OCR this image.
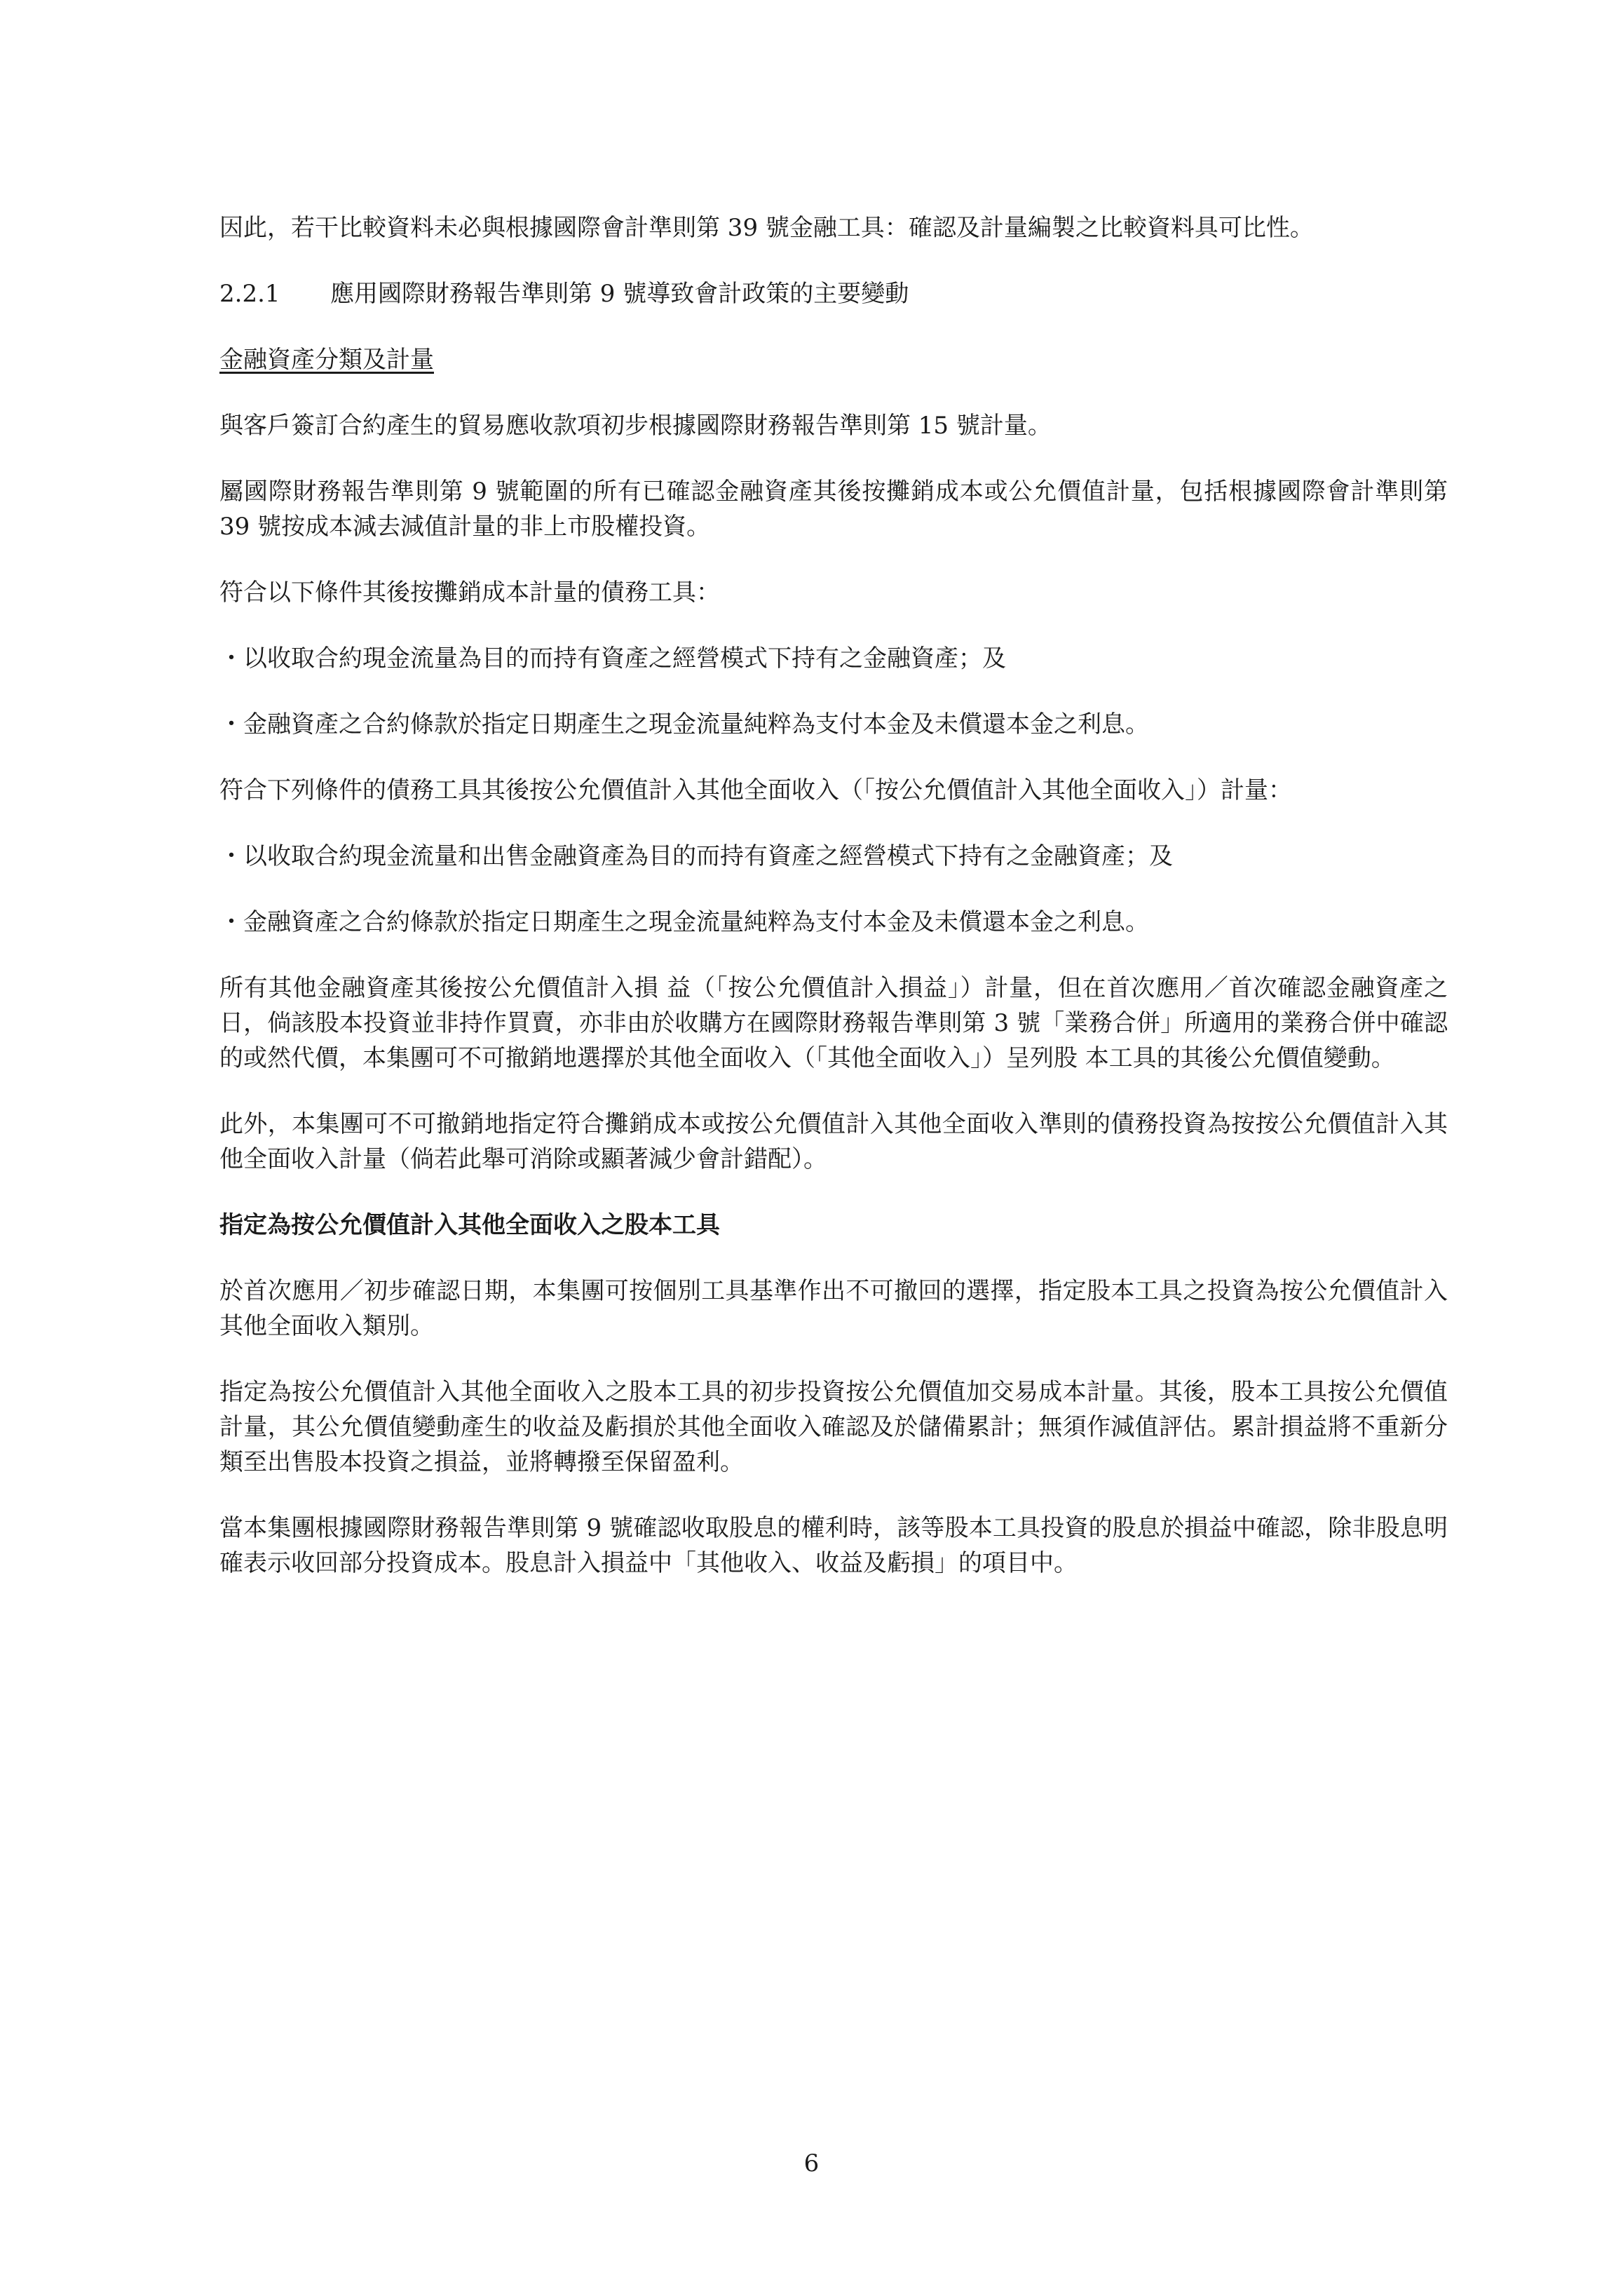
因此，若干比較資料未必與根據國際會計準則第 39 號金融工具：確認及計量編製之比較資料具可比性。

2.2.1 應用國際財務報告準則第 9 號導致會計政策的主要變動

金融資產分類及計量

與客戶簽訂合約產生的貿易應收款項初步根據國際財務報告準則第 15 號計量。

屬國際財務報告準則第 9 號範圍的所有已確認金融資產其後按攤銷成本或公允價值計量，包括根據國際會計準則第 39 號按成本減去減值計量的非上市股權投資。

符合以下條件其後按攤銷成本計量的債務工具：

・以收取合約現金流量為目的而持有資產之經營模式下持有之金融資產；及

・金融資產之合約條款於指定日期產生之現金流量純粹為支付本金及未償還本金之利息。

符合下列條件的債務工具其後按公允價值計入其他全面收入（「按公允價值計入其他全面收入」）計量：

・以收取合約現金流量和出售金融資產為目的而持有資產之經營模式下持有之金融資產；及

・金融資產之合約條款於指定日期產生之現金流量純粹為支付本金及未償還本金之利息。

所有其他金融資產其後按公允價值計入損 益（「按公允價值計入損益」）計量，但在首次應用／首次確認金融資產之日，倘該股本投資並非持作買賣，亦非由於收購方在國際財務報告準則第 3 號「業務合併」所適用的業務合併中確認的或然代價，本集團可不可撤銷地選擇於其他全面收入（「其他全面收入」）呈列股 本工具的其後公允價值變動。

此外，本集團可不可撤銷地指定符合攤銷成本或按公允價值計入其他全面收入準則的債務投資為按按公允價值計入其他全面收入計量（倘若此舉可消除或顯著減少會計錯配）。

指定為按公允價值計入其他全面收入之股本工具

於首次應用／初步確認日期，本集團可按個別工具基準作出不可撤回的選擇，指定股本工具之投資為按公允價值計入其他全面收入類別。

指定為按公允價值計入其他全面收入之股本工具的初步投資按公允價值加交易成本計量。其後，股本工具按公允價值計量，其公允價值變動產生的收益及虧損於其他全面收入確認及於儲備累計；無須作減值評估。累計損益將不重新分類至出售股本投資之損益，並將轉撥至保留盈利。

當本集團根據國際財務報告準則第 9 號確認收取股息的權利時，該等股本工具投資的股息於損益中確認，除非股息明確表示收回部分投資成本。股息計入損益中「其他收入、收益及虧損」的項目中。

6
